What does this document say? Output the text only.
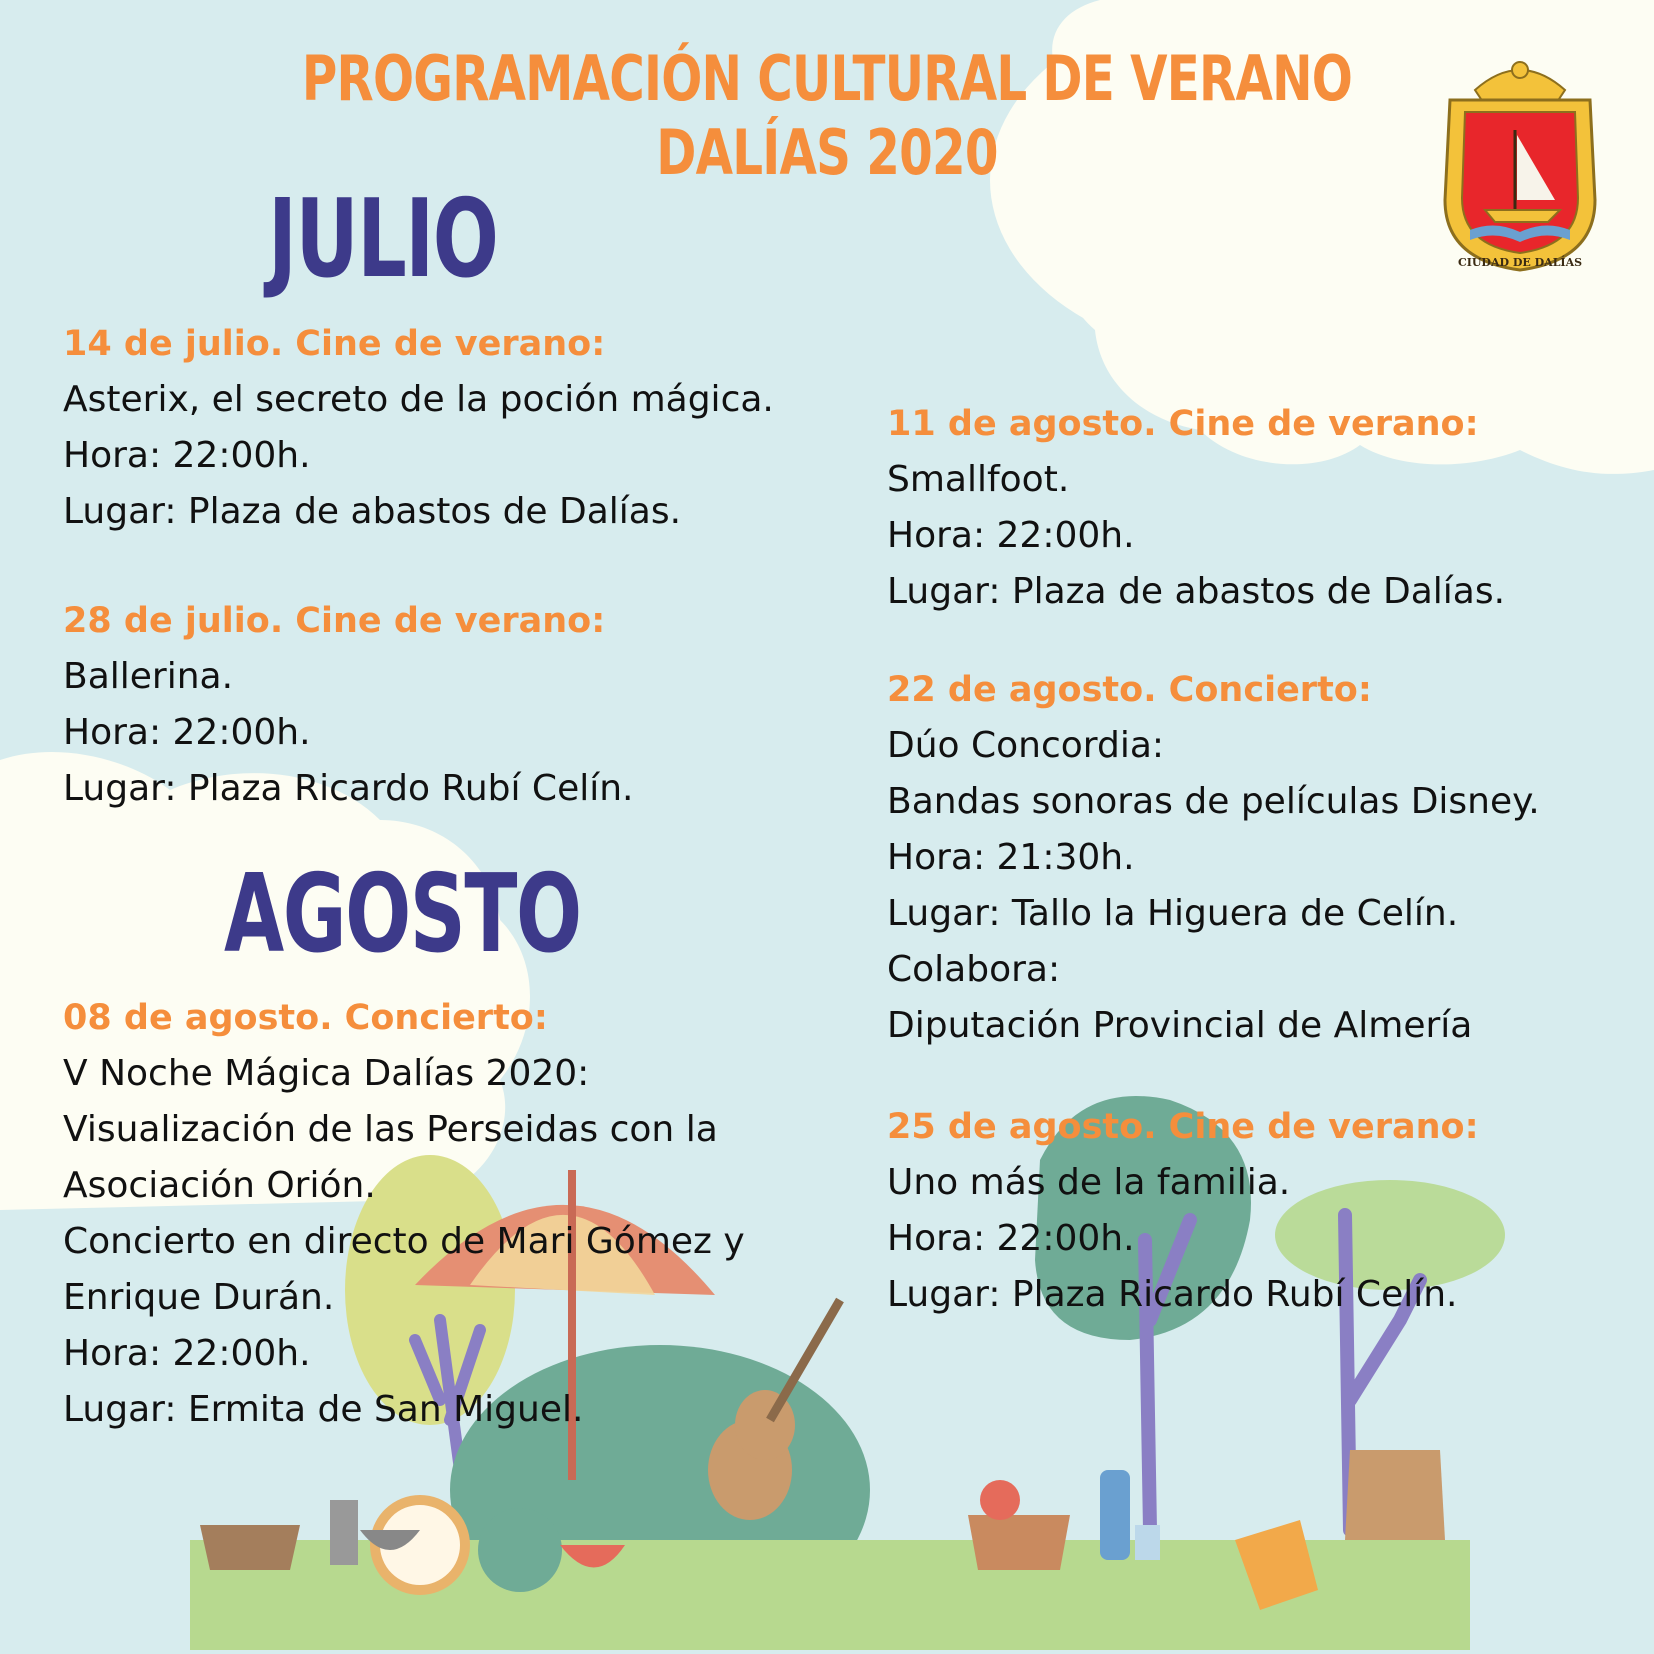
PROGRAMACIÓN CULTURAL DE VERANO
DALÍAS 2020
CIUDAD DE DALÍAS
JULIO
AGOSTO

14 de julio. Cine de verano:

Asterix, el secreto de la poción mágica.

Hora: 22:00h.

Lugar: Plaza de abastos de Dalías.

28 de julio. Cine de verano:

Ballerina.

Hora: 22:00h.

Lugar: Plaza Ricardo Rubí Celín.

08 de agosto. Concierto:

V Noche Mágica Dalías 2020:

Visualización de las Perseidas con la

Asociación Orión.

Concierto en directo de Mari Gómez y

Enrique Durán.

Hora: 22:00h.

Lugar: Ermita de San Miguel.

11 de agosto. Cine de verano:

Smallfoot.

Hora: 22:00h.

Lugar: Plaza de abastos de Dalías.

22 de agosto. Concierto:

Dúo Concordia:

Bandas sonoras de películas Disney.

Hora: 21:30h.

Lugar: Tallo la Higuera de Celín.

Colabora:

Diputación Provincial de Almería

25 de agosto. Cine de verano:

Uno más de la familia.

Hora: 22:00h.

Lugar: Plaza Ricardo Rubí Celín.
